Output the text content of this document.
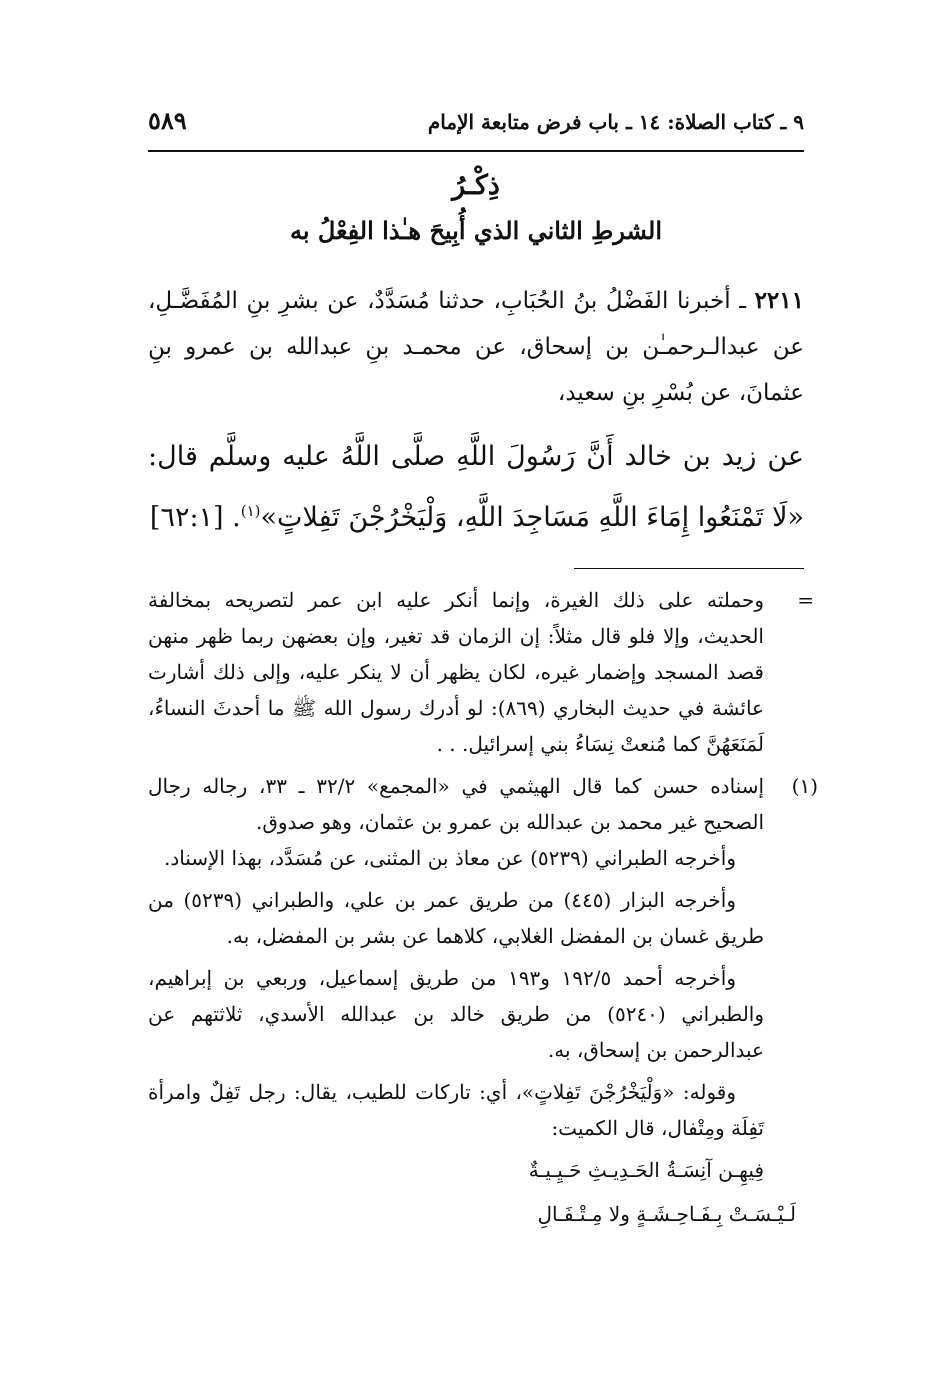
٩ ـ كتاب الصلاة: ١٤ ـ باب فرض متابعة الإمام
٥٨٩
ذِكْـرُ
الشرطِ الثاني الذي أُبِيحَ هـٰذا الفِعْلُ به

٢٢١١ ـ أخبرنا الفَضْلُ بنُ الحُبَابِ، حدثنا مُسَدَّدٌ، عن بشرِ بنِ المُفَضَّـلِ، عن عبدالـرحمـٰن بن إسحاق، عن محمـد بنِ عبدالله بن عمرو بنِ عثمانَ، عن بُسْرِ بنِ سعيد،

عن زيد بن خالد أَنَّ رَسُولَ اللَّهِ صلَّى اللَّهُ عليه وسلَّم قال: «لَا تَمْنَعُوا إِمَاءَ اللَّهِ مَسَاجِدَ اللَّهِ، وَلْيَخْرُجْنَ تَفِلاتٍ»$^{(١)}$. [٦٢:١]

=
وحملته على ذلك الغيرة، وإنما أنكر عليه ابن عمر لتصريحه بمخالفة الحديث، وإلا فلو قال مثلاً: إن الزمان قد تغير، وإن بعضهن ربما ظهر منهن قصد المسجد وإضمار غيره، لكان يظهر أن لا ينكر عليه، وإلى ذلك أشارت عائشة في حديث البخاري (٨٦٩): لو أدرك رسول الله ﷺ ما أحدثَ النساءُ، لَمَنَعَهُنَّ كما مُنعتْ نِسَاءُ بني إسرائيل. . .

(١)
إسناده حسن كما قال الهيثمي في «المجمع» ٣٢/٢ ـ ٣٣، رجاله رجال الصحيح غير محمد بن عبدالله بن عمرو بن عثمان، وهو صدوق.

وأخرجه الطبراني (٥٢٣٩) عن معاذ بن المثنى، عن مُسَدَّد، بهذا الإسناد.

وأخرجه البزار (٤٤٥) من طريق عمر بن علي، والطبراني (٥٢٣٩) من طريق غسان بن المفضل الغلابي، كلاهما عن بشر بن المفضل، به.

وأخرجه أحمد ١٩٢/٥ و١٩٣ من طريق إسماعيل، وربعي بن إبراهيم، والطبراني (٥٢٤٠) من طريق خالد بن عبدالله الأسدي، ثلاثتهم عن عبدالرحمن بن إسحاق، به.

وقوله: «وَلْيَخْرُجْنَ تَفِلاتٍ»، أي: تاركات للطيب، يقال: رجل تَفِلٌ وامرأة تَفِلَة ومِتْفال، قال الكميت:

فِيهِـن آنِسَـةُ الحَـدِيـثِ حَـيِـيـةٌ

لَـيْـسَـتْ بِـفَـاحِـشَـةٍ ولا مِـتْـفَـالِ
